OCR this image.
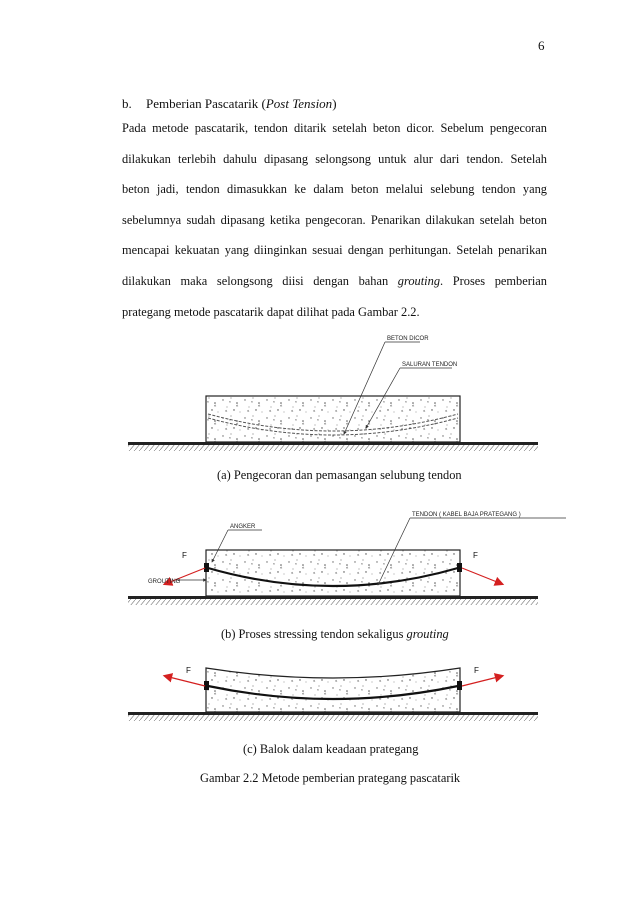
6
b. Pemberian Pascatarik (Post Tension)

Pada metode pascatarik, tendon ditarik setelah beton dicor. Sebelum pengecoran
dilakukan terlebih dahulu dipasang selongsong untuk alur dari tendon. Setelah
beton jadi, tendon dimasukkan ke dalam beton melalui selebung tendon yang
sebelumnya sudah dipasang ketika pengecoran. Penarikan dilakukan setelah beton
mencapai kekuatan yang diinginkan sesuai dengan perhitungan. Setelah penarikan
dilakukan maka selongsong diisi dengan bahan grouting. Proses pemberian
prategang metode pascatarik dapat dilihat pada Gambar 2.2.

BETON DICOR
SALURAN TENDON
F	F
ANGKER
TENDON ( KABEL BAJA PRATEGANG )
GROUTING
F	F
(a) Pengecoran dan pemasangan selubung tendon
(b) Proses stressing tendon sekaligus grouting
(c) Balok dalam keadaan prategang
Gambar 2.2 Metode pemberian prategang pascatarik
